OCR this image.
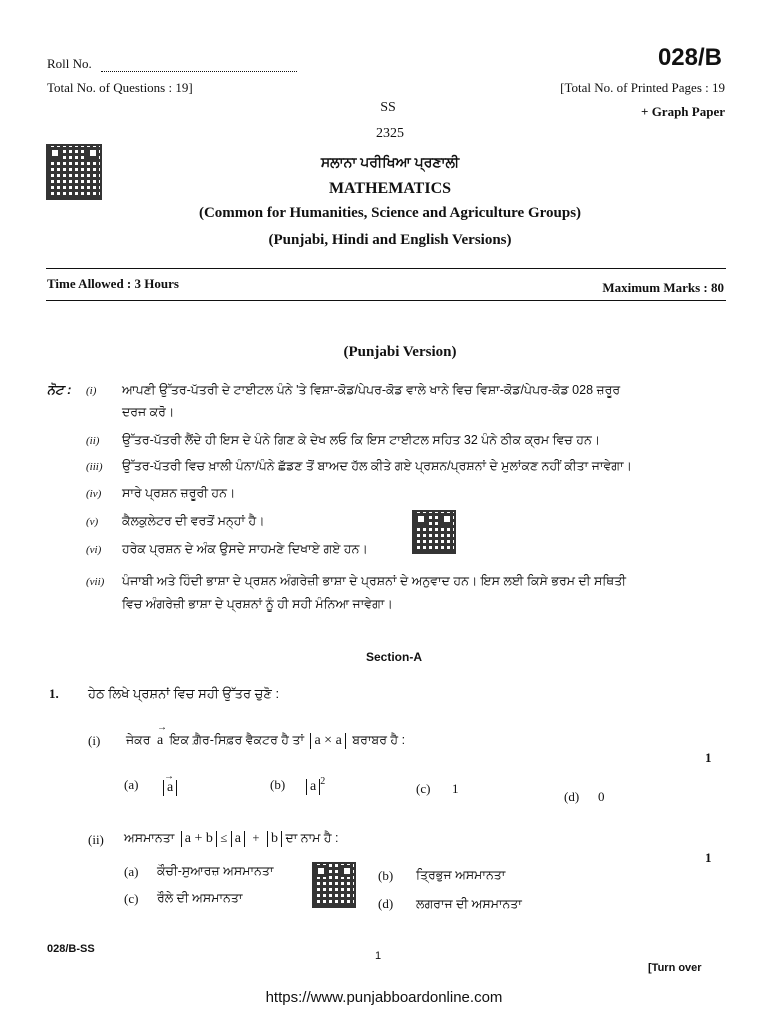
Roll No.	028/B
Total No. of Questions : 19]	[Total No. of Printed Pages : 19
+ Graph Paper
SS
2325
ਸਲਾਨਾ ਪਰੀਖਿਆ ਪ੍ਰਣਾਲੀ
MATHEMATICS
(Common for Humanities, Science and Agriculture Groups)
(Punjabi, Hindi and English Versions)
Time Allowed : 3 Hours	Maximum Marks : 80
(Punjabi Version)
ਨੋਟ : (i) ਆਪਣੀ ਉੱਤਰ-ਪੱਤਰੀ ਦੇ ਟਾਈਟਲ ਪੰਨੇ 'ਤੇ ਵਿਸ਼ਾ-ਕੋਡ/ਪੇਪਰ-ਕੋਡ ਵਾਲੇ ਖਾਨੇ ਵਿਚ ਵਿਸ਼ਾ-ਕੋਡ/ਪੇਪਰ-ਕੋਡ 028 ਜ਼ਰੂਰ
ਦਰਜ ਕਰੋ।
(ii) ਉੱਤਰ-ਪੱਤਰੀ ਲੈਂਦੇ ਹੀ ਇਸ ਦੇ ਪੰਨੇ ਗਿਣ ਕੇ ਦੇਖ ਲਓ ਕਿ ਇਸ ਟਾਈਟਲ ਸਹਿਤ 32 ਪੰਨੇ ਠੀਕ ਕ੍ਰਮ ਵਿਚ ਹਨ।
(iii) ਉੱਤਰ-ਪੱਤਰੀ ਵਿਚ ਖ਼ਾਲੀ ਪੰਨਾ/ਪੰਨੇ ਛੱਡਣ ਤੋਂ ਬਾਅਦ ਹੱਲ ਕੀਤੇ ਗਏ ਪ੍ਰਸ਼ਨ/ਪ੍ਰਸ਼ਨਾਂ ਦੇ ਮੁਲਾਂਕਣ ਨਹੀਂ ਕੀਤਾ ਜਾਵੇਗਾ।
(iv) ਸਾਰੇ ਪ੍ਰਸ਼ਨ ਜ਼ਰੂਰੀ ਹਨ।
(v) ਕੈਲਕੁਲੇਟਰ ਦੀ ਵਰਤੋਂ ਮਨ੍ਹਾਂ ਹੈ।
(vi) ਹਰੇਕ ਪ੍ਰਸ਼ਨ ਦੇ ਅੰਕ ਉਸਦੇ ਸਾਹਮਣੇ ਦਿਖਾਏ ਗਏ ਹਨ।
(vii) ਪੰਜਾਬੀ ਅਤੇ ਹਿੰਦੀ ਭਾਸ਼ਾ ਦੇ ਪ੍ਰਸ਼ਨ ਅੰਗਰੇਜ਼ੀ ਭਾਸ਼ਾ ਦੇ ਪ੍ਰਸ਼ਨਾਂ ਦੇ ਅਨੁਵਾਦ ਹਨ। ਇਸ ਲਈ ਕਿਸੇ ਭਰਮ ਦੀ ਸਥਿਤੀ
ਵਿਚ ਅੰਗਰੇਜ਼ੀ ਭਾਸ਼ਾ ਦੇ ਪ੍ਰਸ਼ਨਾਂ ਨੂੰ ਹੀ ਸਹੀ ਮੰਨਿਆ ਜਾਵੇਗਾ।
Section-A
1. ਹੇਠ ਲਿਖੇ ਪ੍ਰਸ਼ਨਾਂ ਵਿਚ ਸਹੀ ਉੱਤਰ ਚੁਣੋ :
(i) ਜੇਕਰ → a ਇਕ ਗ਼ੈਰ-ਸਿਫ਼ਰ ਵੈਕਟਰ ਹੈ ਤਾਂ a × a ਬਰਾਬਰ ਹੈ :
1
(a) → a	(b) a $^2$	(c) 1
(d) 0
(ii) ਅਸਮਾਨਤਾ a + b ≤ a + b ਦਾ ਨਾਮ ਹੈ :
1
(a) ਕੌਚੀ-ਸੁਆਰਜ਼ ਅਸਮਾਨਤਾ	(b) ਤ੍ਰਿਭੁਜ ਅਸਮਾਨਤਾ
(c) ਰੌਲੇ ਦੀ ਅਸਮਾਨਤਾ	(d) ਲਗਰਾਜ ਦੀ ਅਸਮਾਨਤਾ
028/B-SS
1
[Turn over
https://www.punjabboardonline.com
